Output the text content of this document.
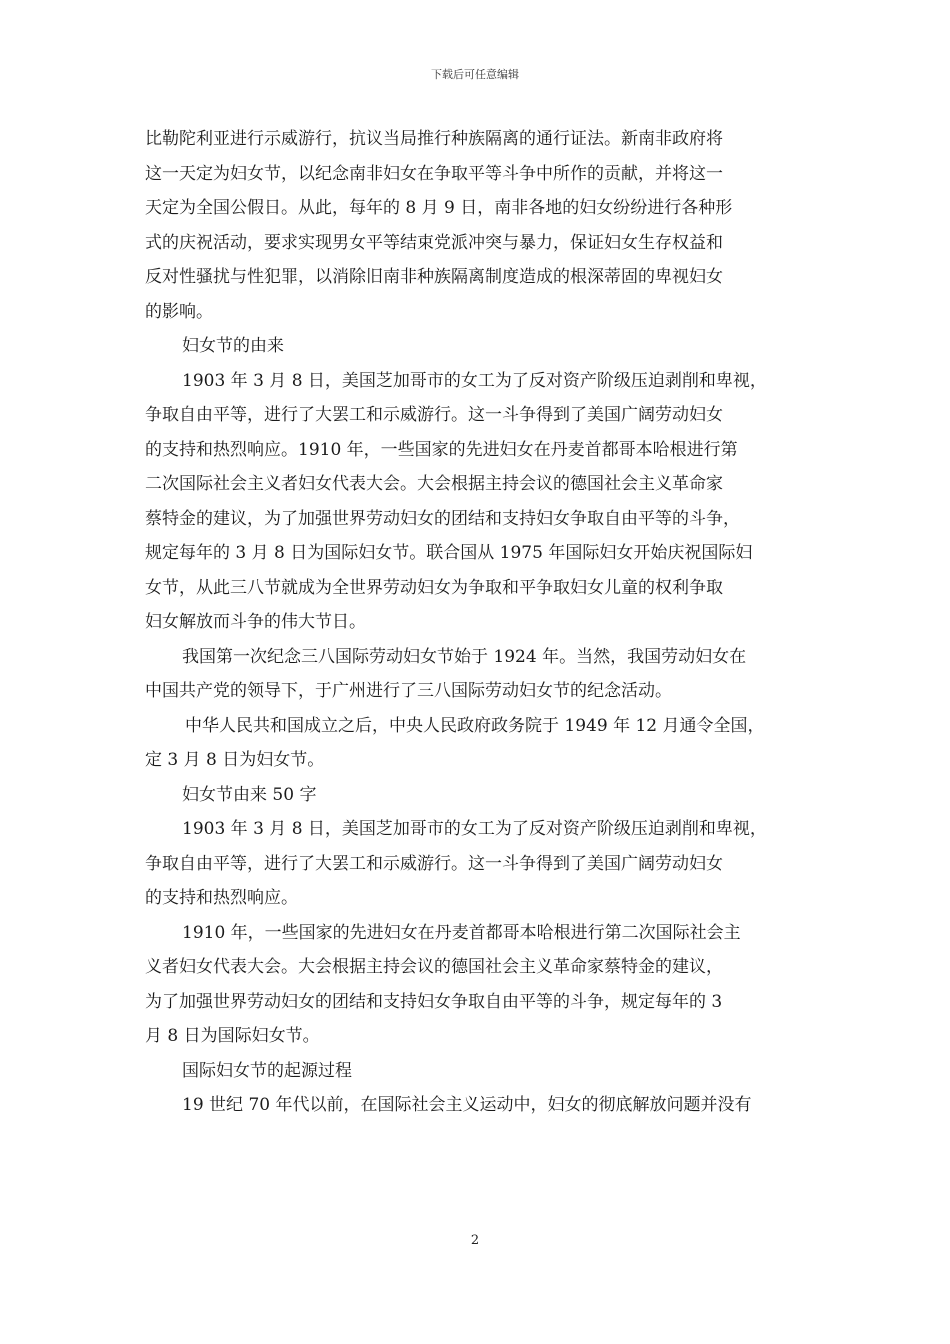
下载后可任意编辑
比勒陀利亚进行示威游行，抗议当局推行种族隔离的通行证法。新南非政府将
这一天定为妇女节，以纪念南非妇女在争取平等斗争中所作的贡献，并将这一
天定为全国公假日。从此，每年的 8 月 9 日，南非各地的妇女纷纷进行各种形
式的庆祝活动，要求实现男女平等结束党派冲突与暴力，保证妇女生存权益和
反对性骚扰与性犯罪，以消除旧南非种族隔离制度造成的根深蒂固的卑视妇女
的影响。
妇女节的由来
1903 年 3 月 8 日，美国芝加哥市的女工为了反对资产阶级压迫剥削和卑视，
争取自由平等，进行了大罢工和示威游行。这一斗争得到了美国广阔劳动妇女
的支持和热烈响应。1910 年，一些国家的先进妇女在丹麦首都哥本哈根进行第
二次国际社会主义者妇女代表大会。大会根据主持会议的德国社会主义革命家
蔡特金的建议，为了加强世界劳动妇女的团结和支持妇女争取自由平等的斗争，
规定每年的 3 月 8 日为国际妇女节。联合国从 1975 年国际妇女开始庆祝国际妇
女节，从此三八节就成为全世界劳动妇女为争取和平争取妇女儿童的权利争取
妇女解放而斗争的伟大节日。
我国第一次纪念三八国际劳动妇女节始于 1924 年。当然，我国劳动妇女在
中国共产党的领导下，于广州进行了三八国际劳动妇女节的纪念活动。
中华人民共和国成立之后，中央人民政府政务院于 1949 年 12 月通令全国，
定 3 月 8 日为妇女节。
妇女节由来 50 字
1903 年 3 月 8 日，美国芝加哥市的女工为了反对资产阶级压迫剥削和卑视，
争取自由平等，进行了大罢工和示威游行。这一斗争得到了美国广阔劳动妇女
的支持和热烈响应。
1910 年，一些国家的先进妇女在丹麦首都哥本哈根进行第二次国际社会主
义者妇女代表大会。大会根据主持会议的德国社会主义革命家蔡特金的建议，
为了加强世界劳动妇女的团结和支持妇女争取自由平等的斗争，规定每年的 3
月 8 日为国际妇女节。
国际妇女节的起源过程
19 世纪 70 年代以前，在国际社会主义运动中，妇女的彻底解放问题并没有
2
